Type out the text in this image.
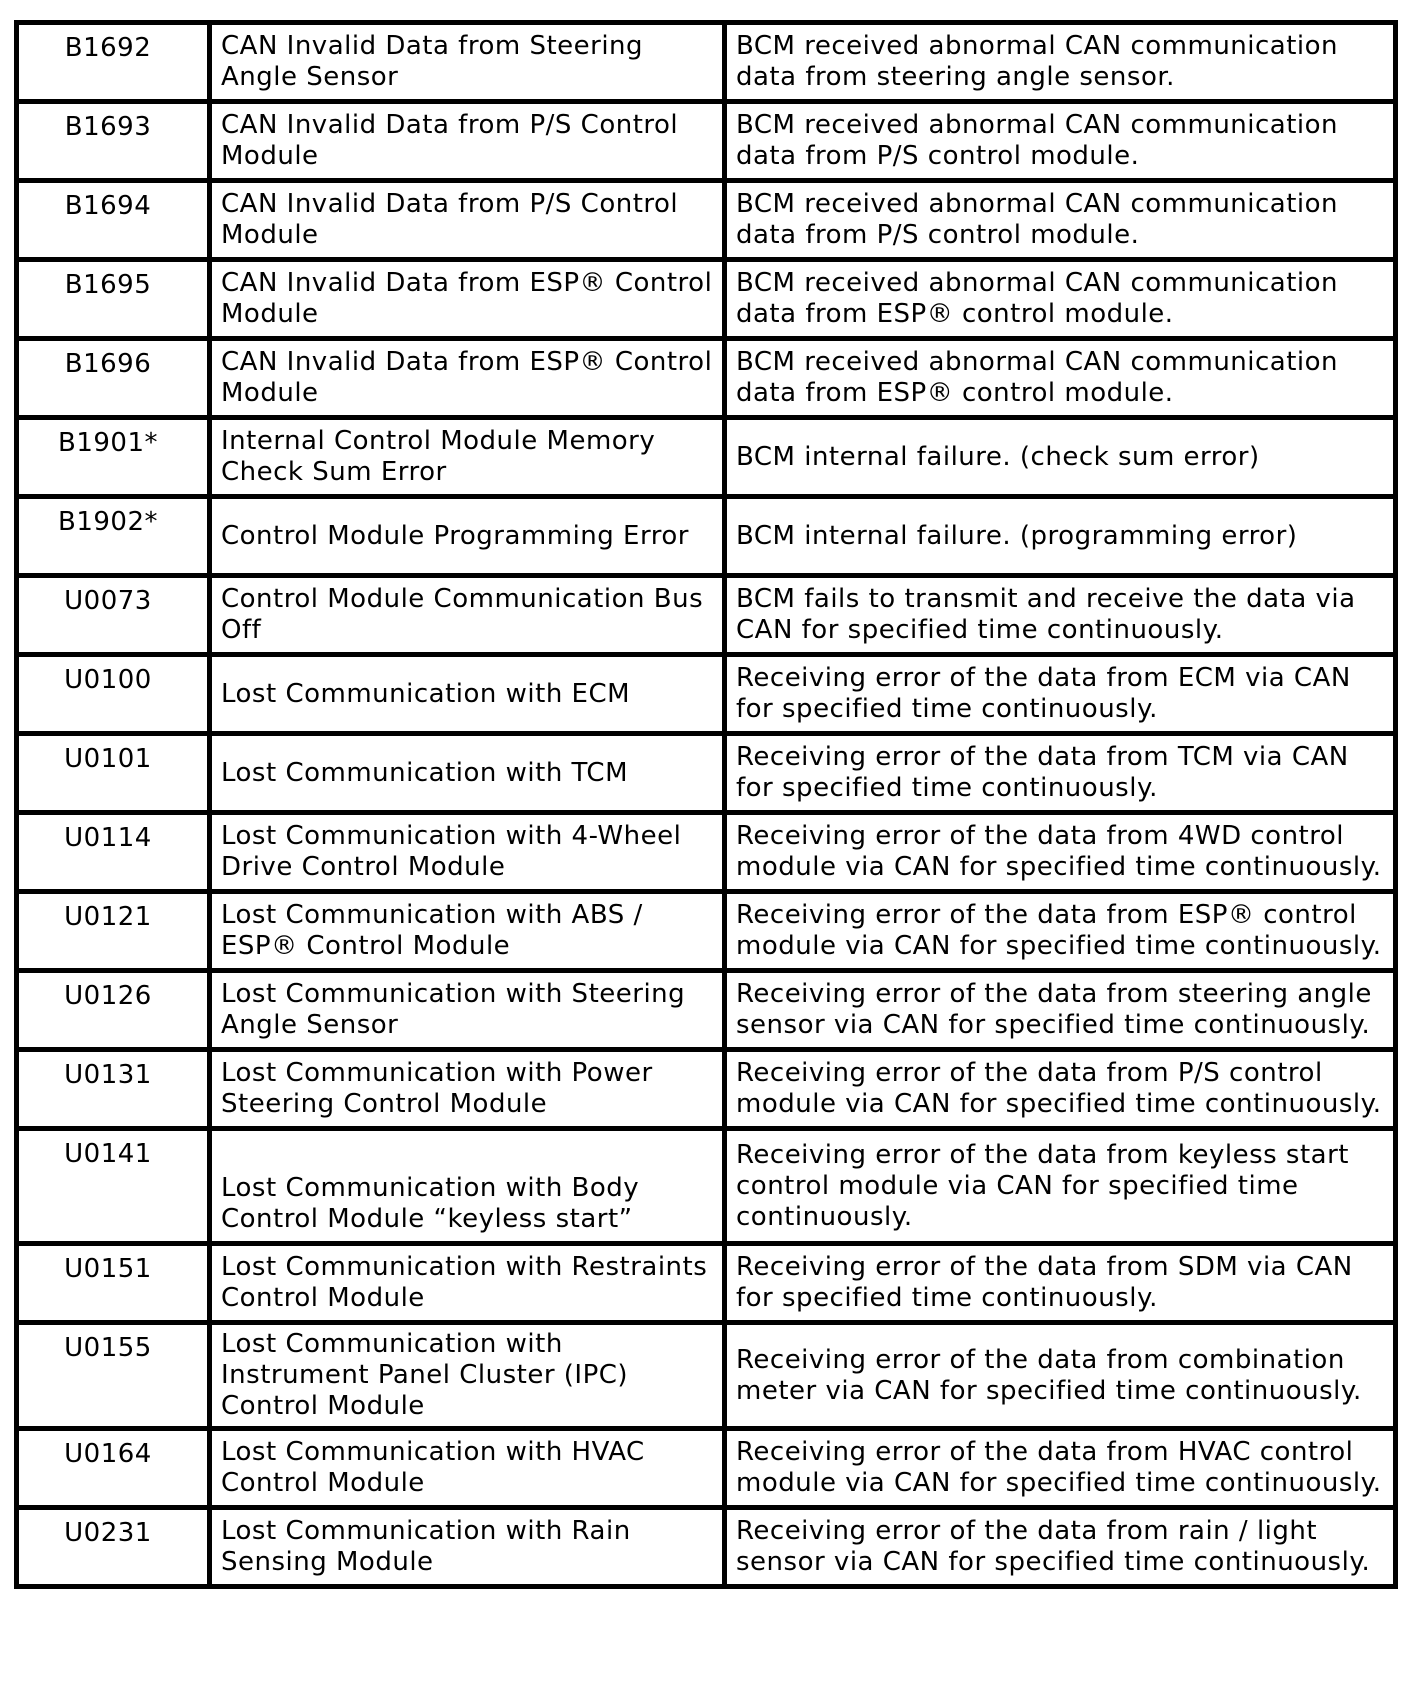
B1692	CAN Invalid Data from Steering Angle Sensor	BCM received abnormal CAN communication data from steering angle sensor.

B1693	CAN Invalid Data from P/S Control Module	BCM received abnormal CAN communication data from P/S control module.

B1694	CAN Invalid Data from P/S Control Module	BCM received abnormal CAN communication data from P/S control module.

B1695	CAN Invalid Data from ESP® Control Module	BCM received abnormal CAN communication data from ESP® control module.

B1696	CAN Invalid Data from ESP® Control Module	BCM received abnormal CAN communication data from ESP® control module.

B1901*	Internal Control Module Memory Check Sum Error	BCM internal failure. (check sum error)

B1902*	Control Module Programming Error	BCM internal failure. (programming error)

U0073	Control Module Communication Bus Off	BCM fails to transmit and receive the data via CAN for specified time continuously.

U0100	Lost Communication with ECM	Receiving error of the data from ECM via CAN for specified time continuously.

U0101	Lost Communication with TCM	Receiving error of the data from TCM via CAN for specified time continuously.

U0114	Lost Communication with 4-Wheel Drive Control Module	Receiving error of the data from 4WD control module via CAN for specified time continuously.

U0121	Lost Communication with ABS / ESP® Control Module	Receiving error of the data from ESP® control module via CAN for specified time continuously.

U0126	Lost Communication with Steering Angle Sensor	Receiving error of the data from steering angle sensor via CAN for specified time continuously.

U0131	Lost Communication with Power Steering Control Module	Receiving error of the data from P/S control module via CAN for specified time continuously.

U0141	Lost Communication with Body Control Module “keyless start”	Receiving error of the data from keyless start control module via CAN for specified time continuously.

U0151	Lost Communication with Restraints Control Module	Receiving error of the data from SDM via CAN for specified time continuously.

U0155	Lost Communication with Instrument Panel Cluster (IPC) Control Module	Receiving error of the data from combination meter via CAN for specified time continuously.

U0164	Lost Communication with HVAC Control Module	Receiving error of the data from HVAC control module via CAN for specified time continuously.

U0231	Lost Communication with Rain Sensing Module	Receiving error of the data from rain / light sensor via CAN for specified time continuously.
